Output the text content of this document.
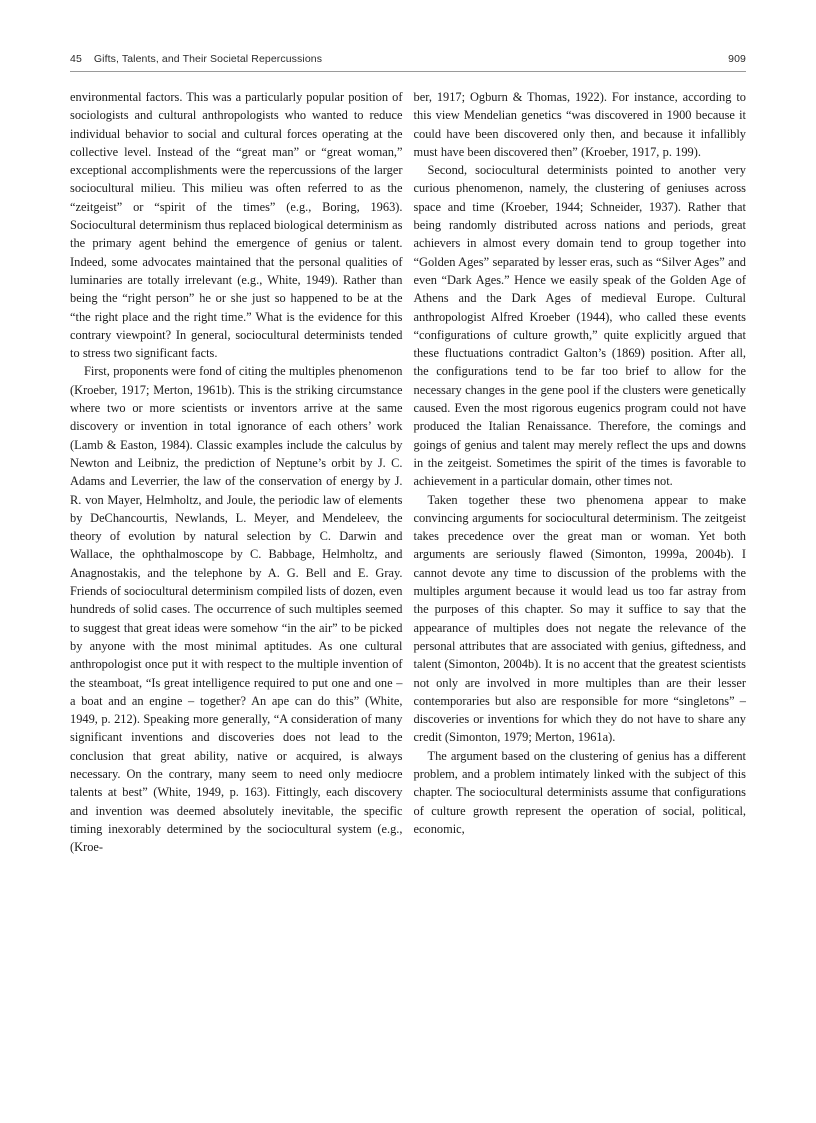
45 Gifts, Talents, and Their Societal Repercussions	909

environmental factors. This was a particularly popular position of sociologists and cultural anthropologists who wanted to reduce individual behavior to social and cultural forces operating at the collective level. Instead of the “great man” or “great woman,” exceptional accomplishments were the repercussions of the larger sociocultural milieu. This milieu was often referred to as the “zeitgeist” or “spirit of the times” (e.g., Boring, 1963). Sociocultural determinism thus replaced biological determinism as the primary agent behind the emergence of genius or talent. Indeed, some advocates maintained that the personal qualities of luminaries are totally irrelevant (e.g., White, 1949). Rather than being the “right person” he or she just so happened to be at the “the right place and the right time.” What is the evidence for this contrary viewpoint? In general, sociocultural determinists tended to stress two significant facts.

First, proponents were fond of citing the multiples phenomenon (Kroeber, 1917; Merton, 1961b). This is the striking circumstance where two or more scientists or inventors arrive at the same discovery or invention in total ignorance of each others’ work (Lamb & Easton, 1984). Classic examples include the calculus by Newton and Leibniz, the prediction of Neptune’s orbit by J. C. Adams and Leverrier, the law of the conservation of energy by J. R. von Mayer, Helmholtz, and Joule, the periodic law of elements by DeChancourtis, Newlands, L. Meyer, and Mendeleev, the theory of evolution by natural selection by C. Darwin and Wallace, the ophthalmoscope by C. Babbage, Helmholtz, and Anagnostakis, and the telephone by A. G. Bell and E. Gray. Friends of sociocultural determinism compiled lists of dozen, even hundreds of solid cases. The occurrence of such multiples seemed to suggest that great ideas were somehow “in the air” to be picked by anyone with the most minimal aptitudes. As one cultural anthropologist once put it with respect to the multiple invention of the steamboat, “Is great intelligence required to put one and one – a boat and an engine – together? An ape can do this” (White, 1949, p. 212). Speaking more generally, “A consideration of many significant inventions and discoveries does not lead to the conclusion that great ability, native or acquired, is always necessary. On the contrary, many seem to need only mediocre talents at best” (White, 1949, p. 163). Fittingly, each discovery and invention was deemed absolutely inevitable, the specific timing inexorably determined by the sociocultural system (e.g., (Kroe-

ber, 1917; Ogburn & Thomas, 1922). For instance, according to this view Mendelian genetics “was discovered in 1900 because it could have been discovered only then, and because it infallibly must have been discovered then” (Kroeber, 1917, p. 199).

Second, sociocultural determinists pointed to another very curious phenomenon, namely, the clustering of geniuses across space and time (Kroeber, 1944; Schneider, 1937). Rather that being randomly distributed across nations and periods, great achievers in almost every domain tend to group together into “Golden Ages” separated by lesser eras, such as “Silver Ages” and even “Dark Ages.” Hence we easily speak of the Golden Age of Athens and the Dark Ages of medieval Europe. Cultural anthropologist Alfred Kroeber (1944), who called these events “configurations of culture growth,” quite explicitly argued that these fluctuations contradict Galton’s (1869) position. After all, the configurations tend to be far too brief to allow for the necessary changes in the gene pool if the clusters were genetically caused. Even the most rigorous eugenics program could not have produced the Italian Renaissance. Therefore, the comings and goings of genius and talent may merely reflect the ups and downs in the zeitgeist. Sometimes the spirit of the times is favorable to achievement in a particular domain, other times not.

Taken together these two phenomena appear to make convincing arguments for sociocultural determinism. The zeitgeist takes precedence over the great man or woman. Yet both arguments are seriously flawed (Simonton, 1999a, 2004b). I cannot devote any time to discussion of the problems with the multiples argument because it would lead us too far astray from the purposes of this chapter. So may it suffice to say that the appearance of multiples does not negate the relevance of the personal attributes that are associated with genius, giftedness, and talent (Simonton, 2004b). It is no accent that the greatest scientists not only are involved in more multiples than are their lesser contemporaries but also are responsible for more “singletons” – discoveries or inventions for which they do not have to share any credit (Simonton, 1979; Merton, 1961a).

The argument based on the clustering of genius has a different problem, and a problem intimately linked with the subject of this chapter. The sociocultural determinists assume that configurations of culture growth represent the operation of social, political, economic,
